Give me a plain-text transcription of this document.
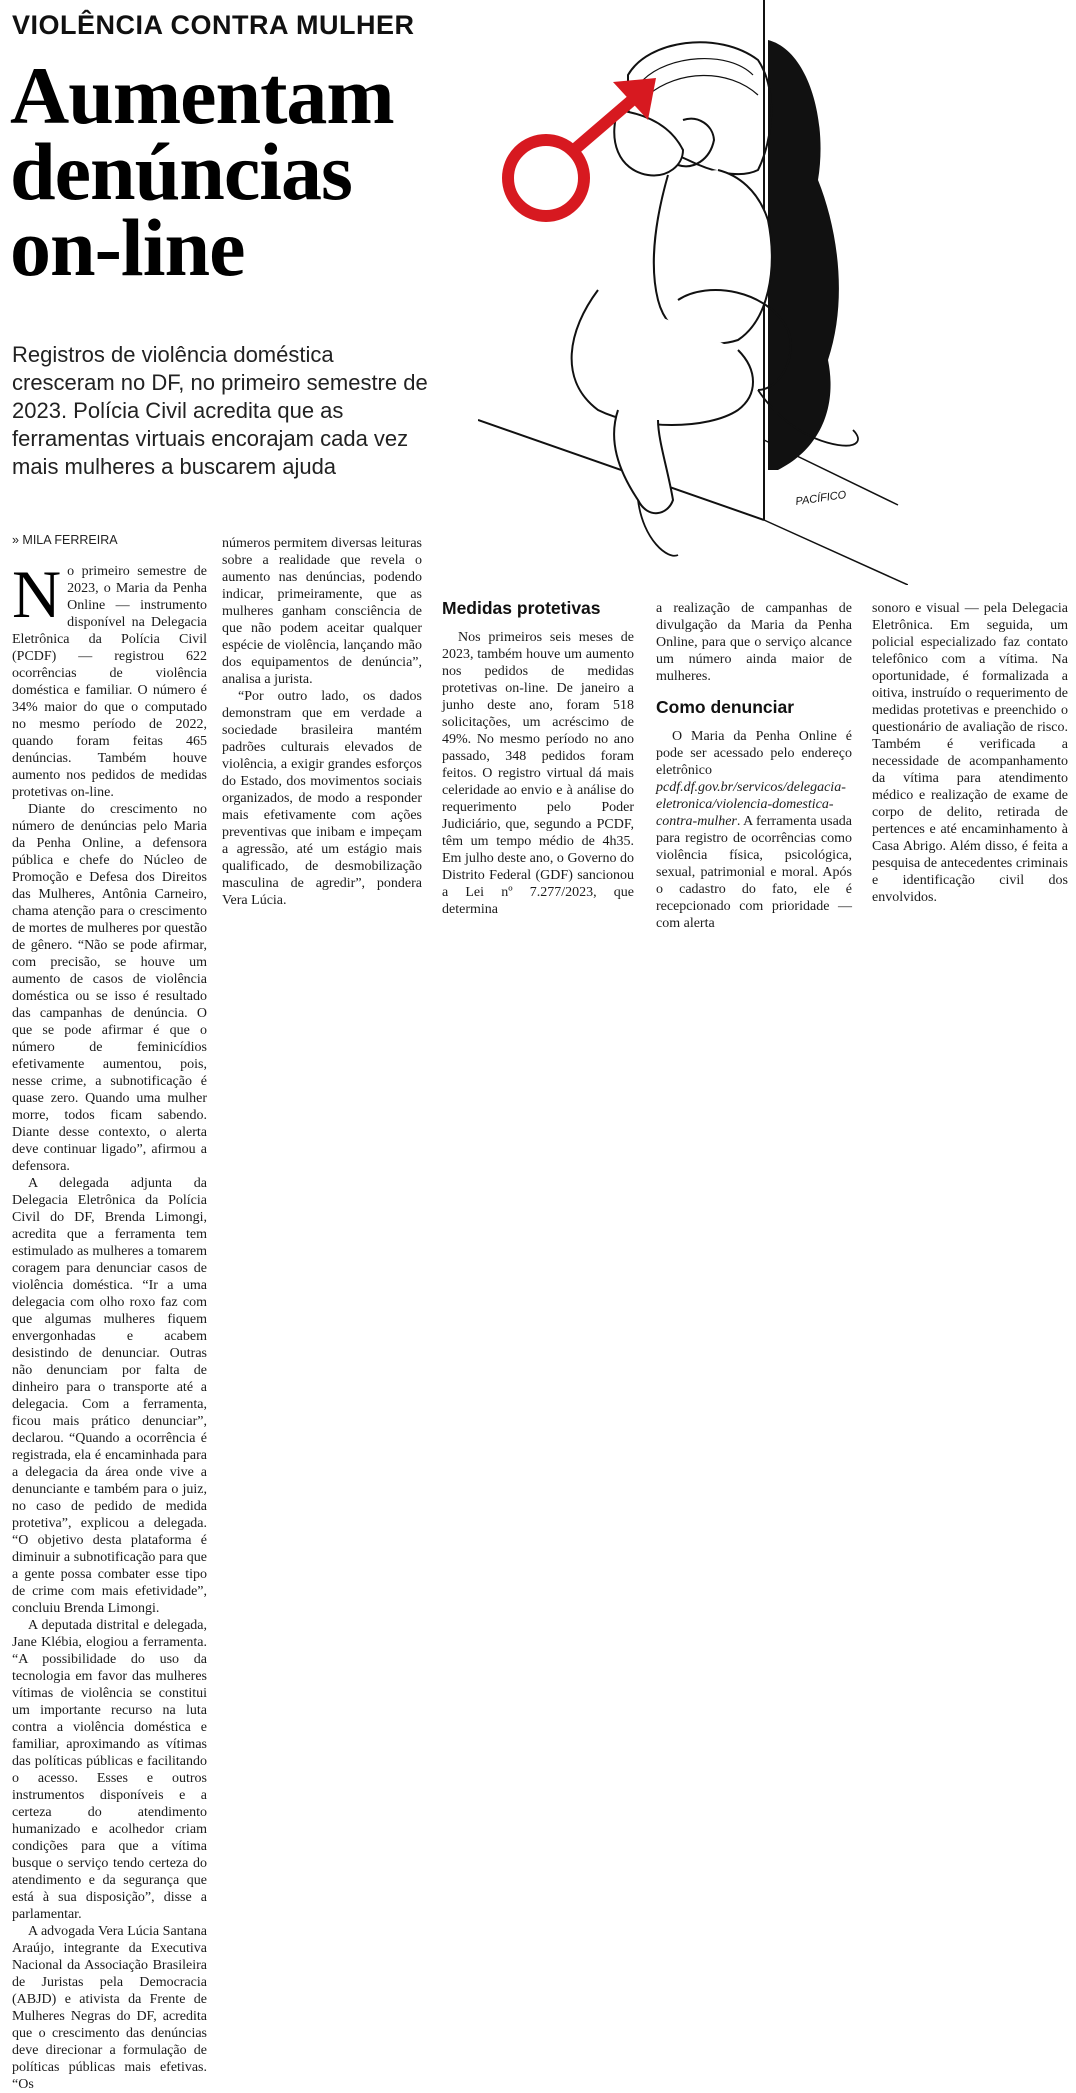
VIOLÊNCIA CONTRA MULHER
Aumentam
denúncias
on-line
Registros de violência doméstica cresceram no DF, no primeiro semestre de 2023. Polícia Civil acredita que as ferramentas virtuais encorajam cada vez mais mulheres a buscarem ajuda
» MILA FERREIRA
PACÍFICO

No primeiro semestre de 2023, o Maria da Penha Online — instrumento disponível na Delegacia Eletrônica da Polícia Civil (PCDF) — registrou 622 ocorrências de violência doméstica e familiar. O número é 34% maior do que o computado no mesmo período de 2022, quando foram feitas 465 denúncias. Também houve aumento nos pedidos de medidas protetivas on-line.

Diante do crescimento no número de denúncias pelo Maria da Penha Online, a defensora pública e chefe do Núcleo de Promoção e Defesa dos Direitos das Mulheres, Antônia Carneiro, chama atenção para o crescimento de mortes de mulheres por questão de gênero. “Não se pode afirmar, com precisão, se houve um aumento de casos de violência doméstica ou se isso é resultado das campanhas de denúncia. O que se pode afirmar é que o número de feminicídios efetivamente aumentou, pois, nesse crime, a subnotificação é quase zero. Quando uma mulher morre, todos ficam sabendo. Diante desse contexto, o alerta deve continuar ligado”, afirmou a defensora.

A delegada adjunta da Delegacia Eletrônica da Polícia Civil do DF, Brenda Limongi, acredita que a ferramenta tem estimulado as mulheres a tomarem coragem para denunciar casos de violência doméstica. “Ir a uma delegacia com olho roxo faz com que algumas mulheres fiquem envergonhadas e acabem desistindo de denunciar. Outras não denunciam por falta de dinheiro para o transporte até a delegacia. Com a ferramenta, ficou mais prático denunciar”, declarou. “Quando a ocorrência é registrada, ela é encaminhada para a delegacia da área onde vive a denunciante e também para o juiz, no caso de pedido de medida protetiva”, explicou a delegada. “O objetivo desta plataforma é diminuir a subnotificação para que a gente possa combater esse tipo de crime com mais efetividade”, concluiu Brenda Limongi.

A deputada distrital e delegada, Jane Klébia, elogiou a ferramenta. “A possibilidade do uso da tecnologia em favor das mulheres vítimas de violência se constitui um importante recurso na luta contra a violência doméstica e familiar, aproximando as vítimas das políticas públicas e facilitando o acesso. Esses e outros instrumentos disponíveis e a certeza do atendimento humanizado e acolhedor criam condições para que a vítima busque o serviço tendo certeza do atendimento e da segurança que está à sua disposição”, disse a parlamentar.

A advogada Vera Lúcia Santana Araújo, integrante da Executiva Nacional da Associação Brasileira de Juristas pela Democracia (ABJD) e ativista da Frente de Mulheres Negras do DF, acredita que o crescimento das denúncias deve direcionar a formulação de políticas públicas mais efetivas. “Os

números permitem diversas leituras sobre a realidade que revela o aumento nas denúncias, podendo indicar, primeiramente, que as mulheres ganham consciência de que não podem aceitar qualquer espécie de violência, lançando mão dos equipamentos de denúncia”, analisa a jurista.

“Por outro lado, os dados demonstram que em verdade a sociedade brasileira mantém padrões culturais elevados de violência, a exigir grandes esforços do Estado, dos movimentos sociais organizados, de modo a responder mais efetivamente com ações preventivas que inibam e impeçam a agressão, até um estágio mais qualificado, de desmobilização masculina de agredir”, pondera Vera Lúcia.

Medidas protetivas

Nos primeiros seis meses de 2023, também houve um aumento nos pedidos de medidas protetivas on-line. De janeiro a junho deste ano, foram 518 solicitações, um acréscimo de 49%. No mesmo período no ano passado, 348 pedidos foram feitos. O registro virtual dá mais celeridade ao envio e à análise do requerimento pelo Poder Judiciário, que, segundo a PCDF, têm um tempo médio de 4h35. Em julho deste ano, o Governo do Distrito Federal (GDF) sancionou a Lei nº 7.277/2023, que determina

a realização de campanhas de divulgação da Maria da Penha Online, para que o serviço alcance um número ainda maior de mulheres.

Como denunciar

O Maria da Penha Online é pode ser acessado pelo endereço eletrônico pcdf.df.gov.br/servicos/delegacia-eletronica/violencia-domestica-contra-mulher. A ferramenta usada para registro de ocorrências como violência física, psicológica, sexual, patrimonial e moral. Após o cadastro do fato, ele é recepcionado com prioridade — com alerta

sonoro e visual — pela Delegacia Eletrônica. Em seguida, um policial especializado faz contato telefônico com a vítima. Na oportunidade, é formalizada a oitiva, instruído o requerimento de medidas protetivas e preenchido o questionário de avaliação de risco. Também é verificada a necessidade de acompanhamento da vítima para atendimento médico e realização de exame de corpo de delito, retirada de pertences e até encaminhamento à Casa Abrigo. Além disso, é feita a pesquisa de antecedentes criminais e identificação civil dos envolvidos.
